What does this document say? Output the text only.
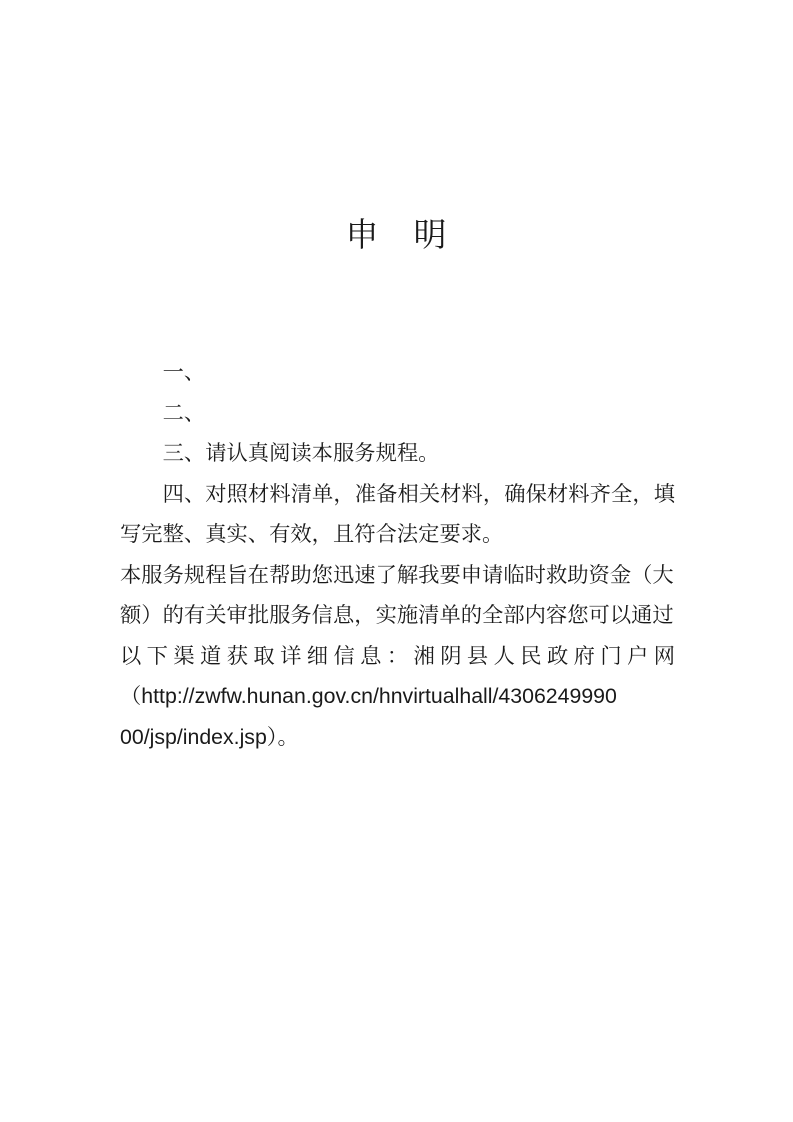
申　明

一、

二、

三、请认真阅读本服务规程。

四、对照材料清单，准备相关材料，确保材料齐全，填写完整、真实、有效，且符合法定要求。

本服务规程旨在帮助您迅速了解我要申请临时救助资金（大
额）的有关审批服务信息，实施清单的全部内容您可以通过
以下渠道获取详细信息：湘阴县人民政府门户网
（http://zwfw.hunan.gov.cn/hnvirtualhall/4306249990
00/jsp/index.jsp）。
